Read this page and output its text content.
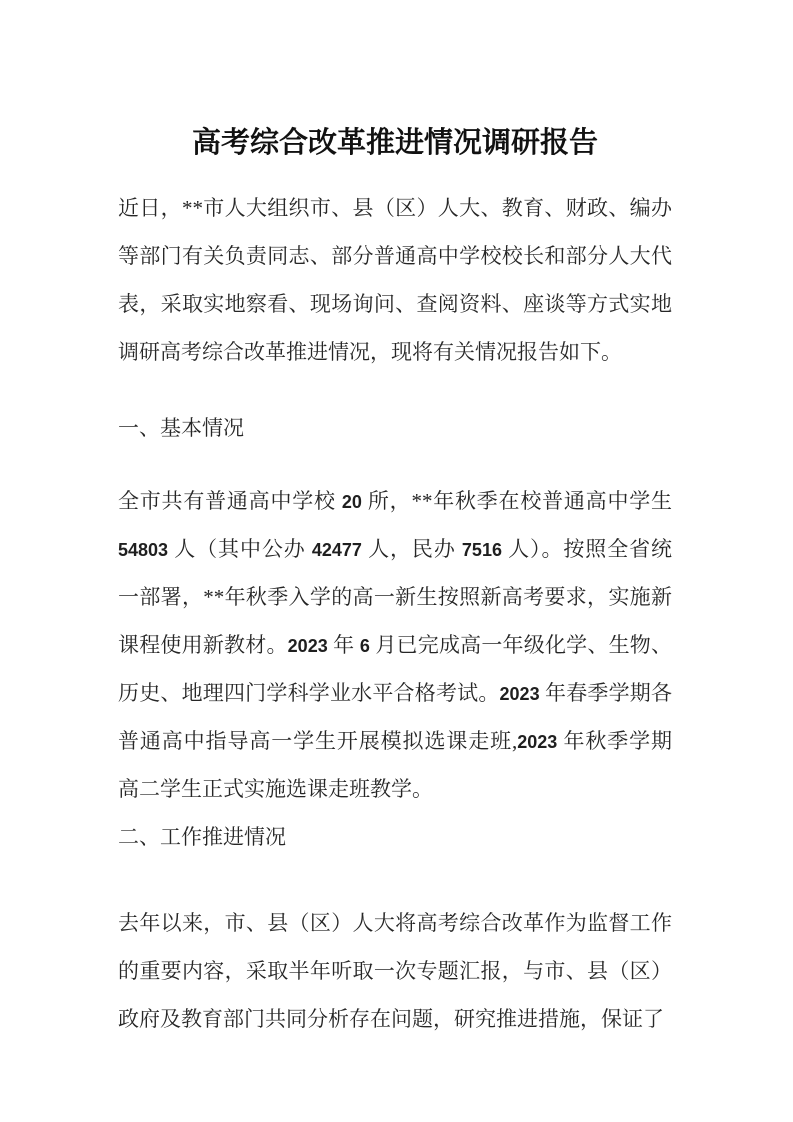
高考综合改革推进情况调研报告
近日，**市人大组织市、县（区）人大、教育、财政、编办
等部门有关负责同志、部分普通高中学校校长和部分人大代
表，采取实地察看、现场询问、查阅资料、座谈等方式实地
调研高考综合改革推进情况，现将有关情况报告如下。
一、基本情况
全市共有普通高中学校 20 所，**年秋季在校普通高中学生
54803 人（其中公办 42477 人，民办 7516 人）。按照全省统
一部署，**年秋季入学的高一新生按照新高考要求，实施新
课程使用新教材。2023 年 6 月已完成高一年级化学、生物、
历史、地理四门学科学业水平合格考试。2023 年春季学期各
普通高中指导高一学生开展模拟选课走班,2023 年秋季学期
高二学生正式实施选课走班教学。
二、工作推进情况
去年以来，市、县（区）人大将高考综合改革作为监督工作
的重要内容，采取半年听取一次专题汇报，与市、县（区）
政府及教育部门共同分析存在问题，研究推进措施，保证了
